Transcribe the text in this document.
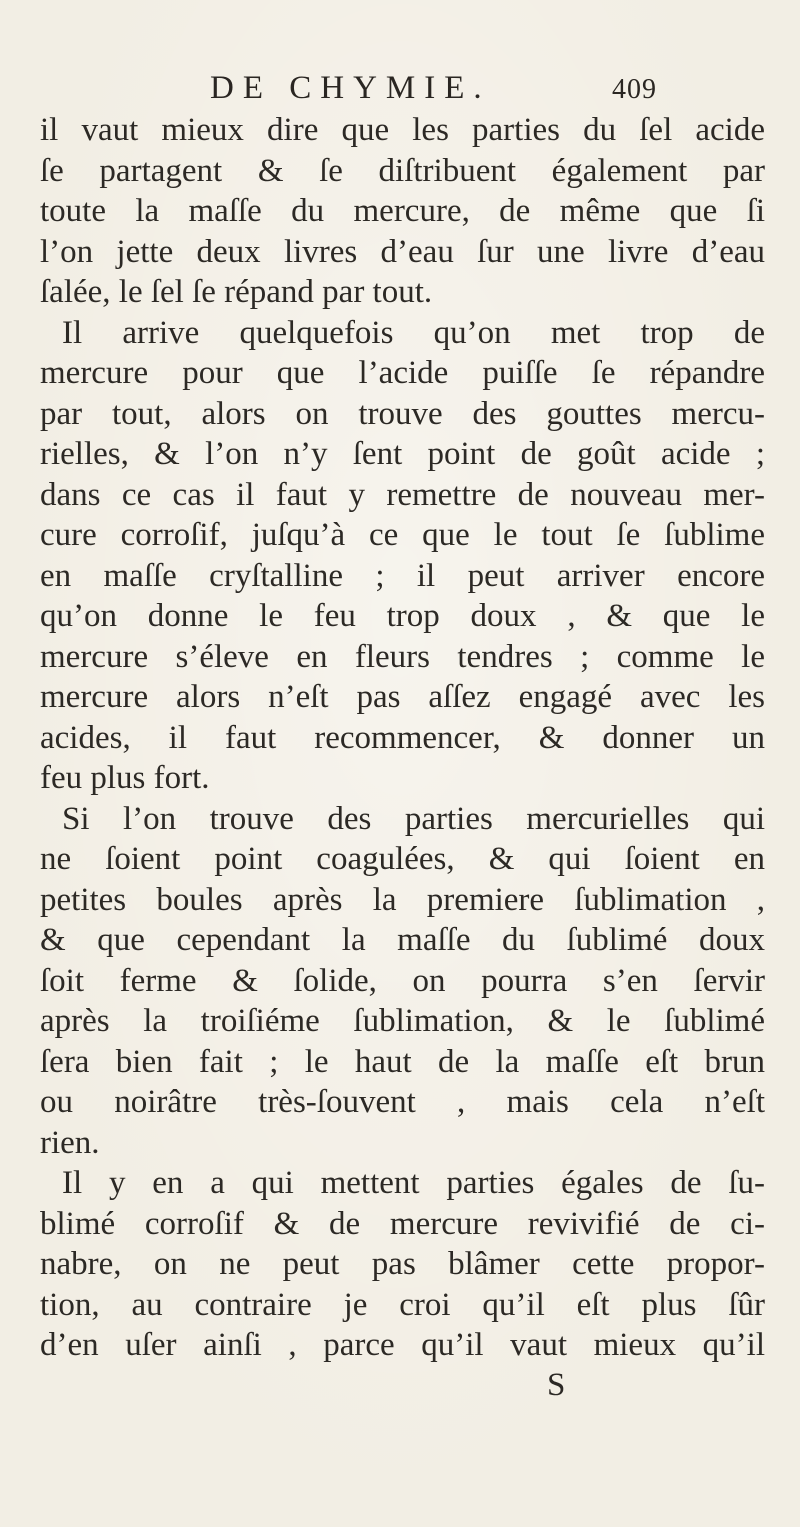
DE CHYMIE.	409
il vaut mieux dire que les parties du ſel acide
ſe partagent & ſe diſtribuent également par
toute la maſſe du mercure, de même que ſi
l’on jette deux livres d’eau ſur une livre d’eau
ſalée, le ſel ſe répand par tout.
Il arrive quelquefois qu’on met trop de
mercure pour que l’acide puiſſe ſe répandre
par tout, alors on trouve des gouttes mercu-
rielles, & l’on n’y ſent point de goût acide ;
dans ce cas il faut y remettre de nouveau mer-
cure corroſif, juſqu’à ce que le tout ſe ſublime
en maſſe cryſtalline ; il peut arriver encore
qu’on donne le feu trop doux , & que le
mercure s’éleve en fleurs tendres ; comme le
mercure alors n’eſt pas aſſez engagé avec les
acides, il faut recommencer, & donner un
feu plus fort.
Si l’on trouve des parties mercurielles qui
ne ſoient point coagulées, & qui ſoient en
petites boules après la premiere ſublimation ,
& que cependant la maſſe du ſublimé doux
ſoit ferme & ſolide, on pourra s’en ſervir
après la troiſiéme ſublimation, & le ſublimé
ſera bien fait ; le haut de la maſſe eſt brun
ou noirâtre très-ſouvent , mais cela n’eſt
rien.
Il y en a qui mettent parties égales de ſu-
blimé corroſif & de mercure revivifié de ci-
nabre, on ne peut pas blâmer cette propor-
tion, au contraire je croi qu’il eſt plus ſûr
d’en uſer ainſi , parce qu’il vaut mieux qu’il
S
